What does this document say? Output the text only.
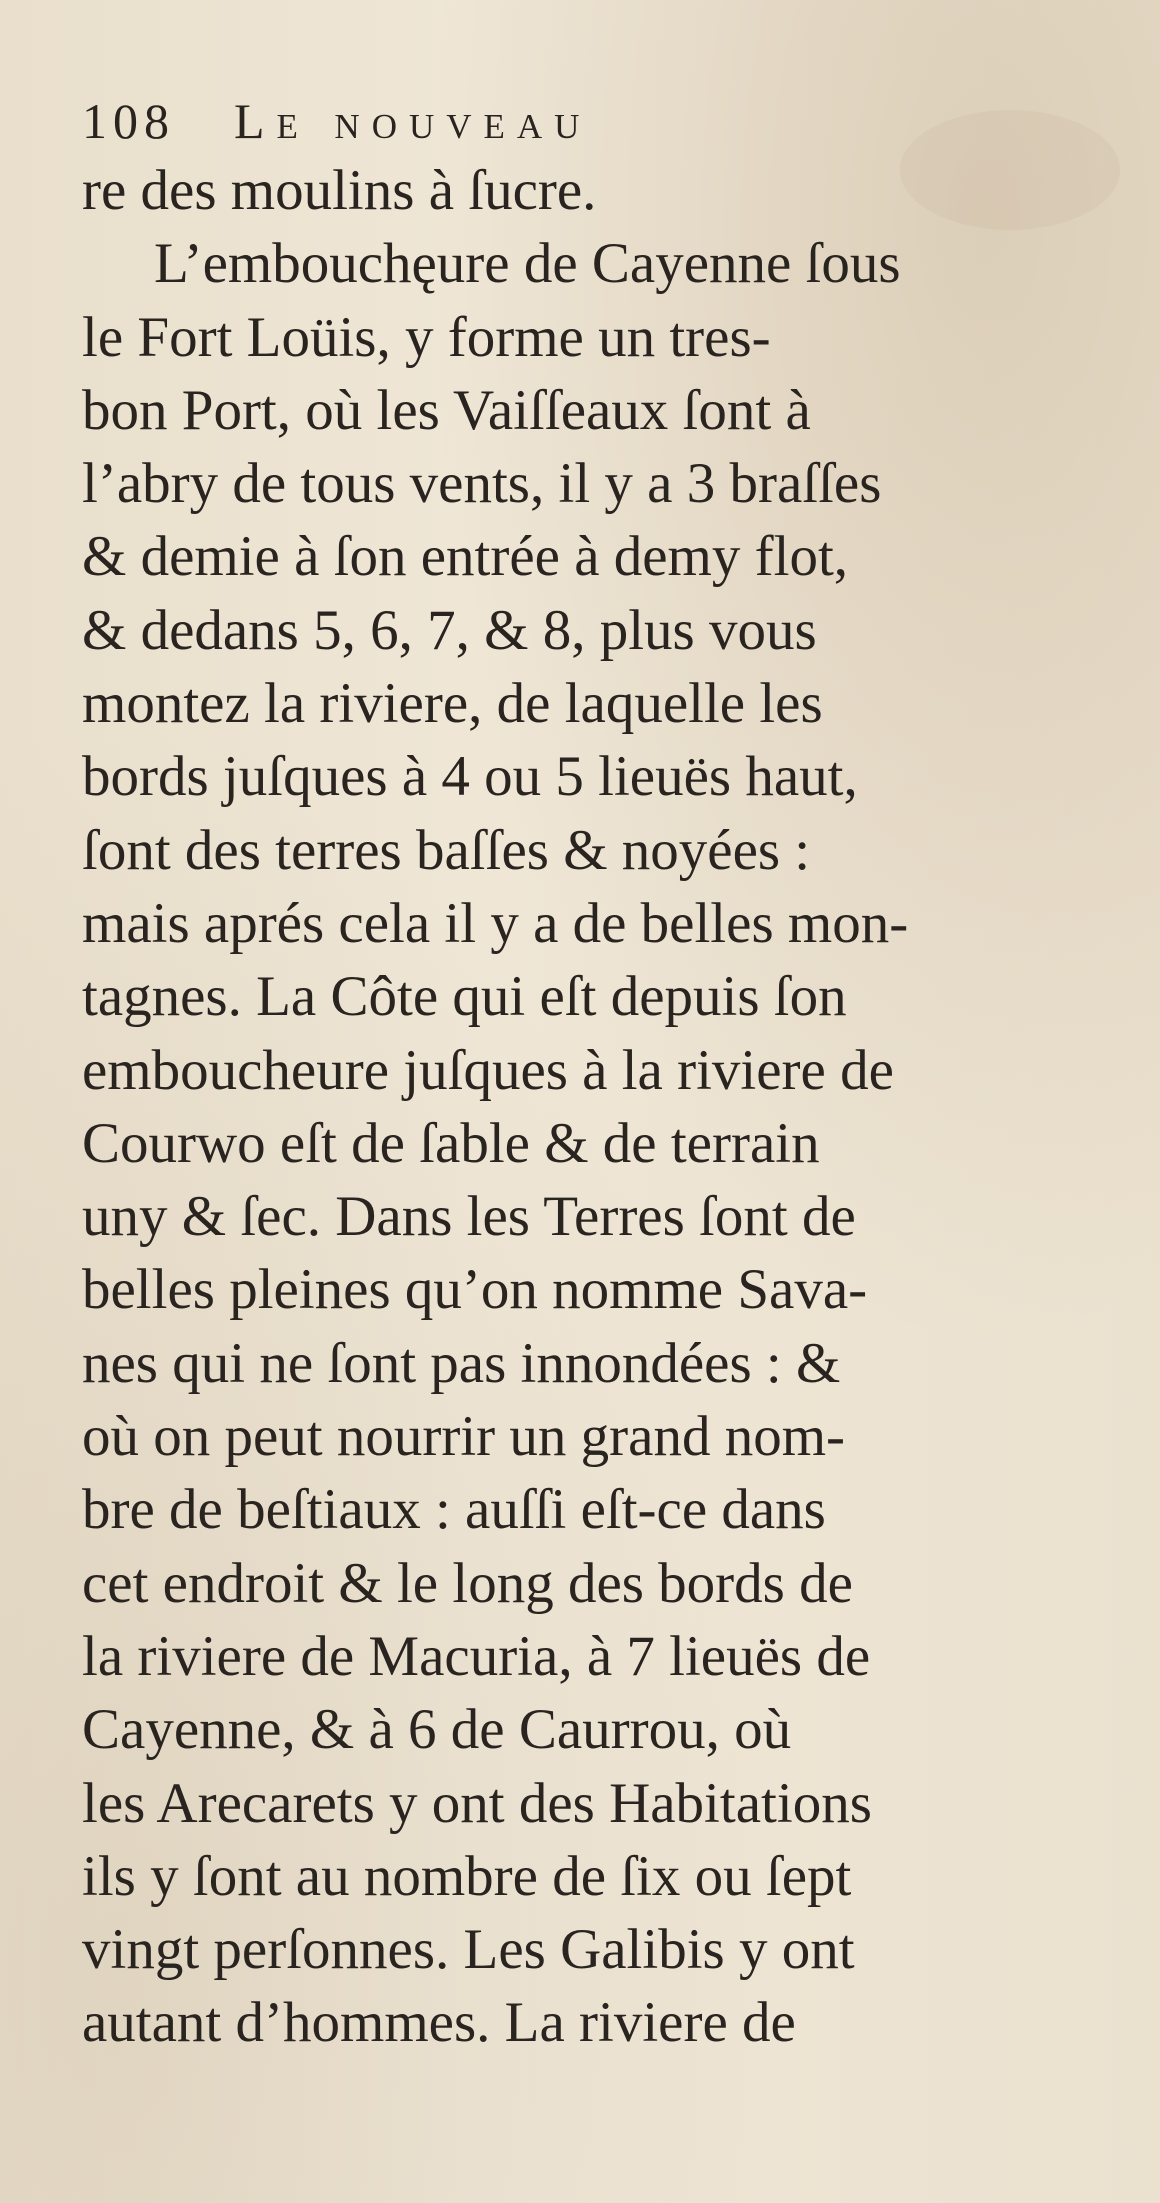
108	Le nouveau
re des moulins à ſucre.
L’embouchęure de Cayenne ſous
le Fort Loüis, y forme un tres-
bon Port, où les Vaiſſeaux ſont à
l’abry de tous vents, il y a 3 braſſes
& demie à ſon entrée à demy flot,
& dedans 5, 6, 7, & 8, plus vous
montez la riviere, de laquelle les
bords juſques à 4 ou 5 lieuës haut,
ſont des terres baſſes & noyées :
mais aprés cela il y a de belles mon-
tagnes. La Côte qui eſt depuis ſon
embouchеure juſques à la riviere de
Courwo eſt de ſable & de terrain
uny & ſec. Dans les Terres ſont de
belles pleines qu’on nomme Sava-
nes qui ne ſont pas innondées : &
où on peut nourrir un grand nom-
bre de beſtiaux : auſſi eſt-ce dans
cet endroit & le long des bords de
la riviere de Macuria, à 7 lieuës de
Cayenne, & à 6 de Caurrou, où
les Arecarets y ont des Habitations
ils y ſont au nombre de ſix ou ſept
vingt perſonnes. Les Galibis y ont
autant d’hommes. La riviere de
